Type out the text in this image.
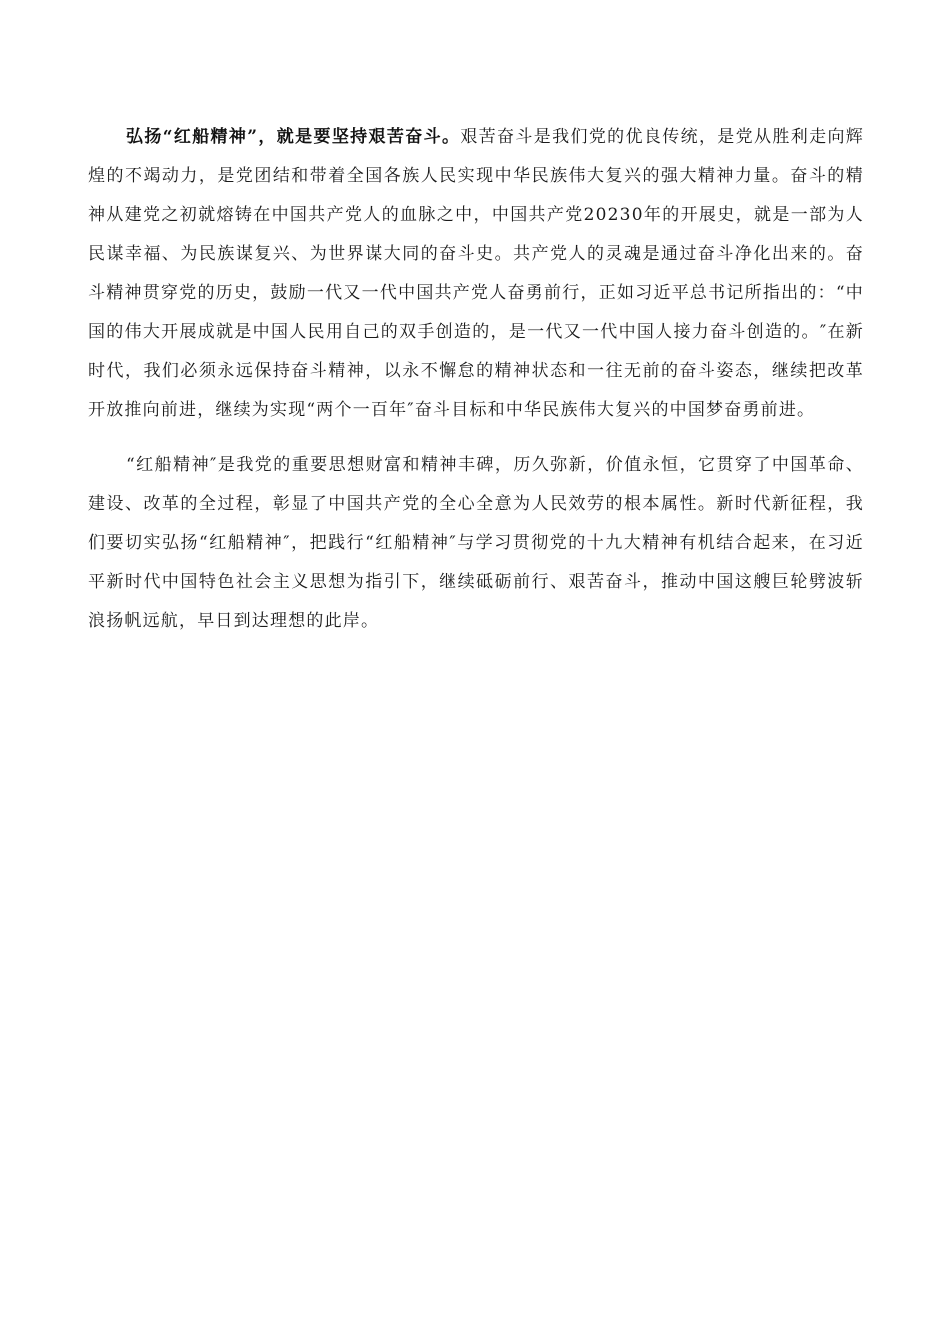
弘扬“红船精神”，就是要坚持艰苦奋斗。艰苦奋斗是我们党的优良传统，是党从胜利走向辉煌的不竭动力，是党团结和带着全国各族人民实现中华民族伟大复兴的强大精神力量。奋斗的精神从建党之初就熔铸在中国共产党人的血脉之中，中国共产党20230年的开展史，就是一部为人民谋幸福、为民族谋复兴、为世界谋大同的奋斗史。共产党人的灵魂是通过奋斗净化出来的。奋斗精神贯穿党的历史，鼓励一代又一代中国共产党人奋勇前行，正如习近平总书记所指出的：“中国的伟大开展成就是中国人民用自己的双手创造的，是一代又一代中国人接力奋斗创造的。″在新时代，我们必须永远保持奋斗精神，以永不懈怠的精神状态和一往无前的奋斗姿态，继续把改革开放推向前进，继续为实现“两个一百年″奋斗目标和中华民族伟大复兴的中国梦奋勇前进。

“红船精神″是我党的重要思想财富和精神丰碑，历久弥新，价值永恒，它贯穿了中国革命、建设、改革的全过程，彰显了中国共产党的全心全意为人民效劳的根本属性。新时代新征程，我们要切实弘扬“红船精神″，把践行“红船精神″与学习贯彻党的十九大精神有机结合起来，在习近平新时代中国特色社会主义思想为指引下，继续砥砺前行、艰苦奋斗，推动中国这艘巨轮劈波斩浪扬帆远航，早日到达理想的此岸。
